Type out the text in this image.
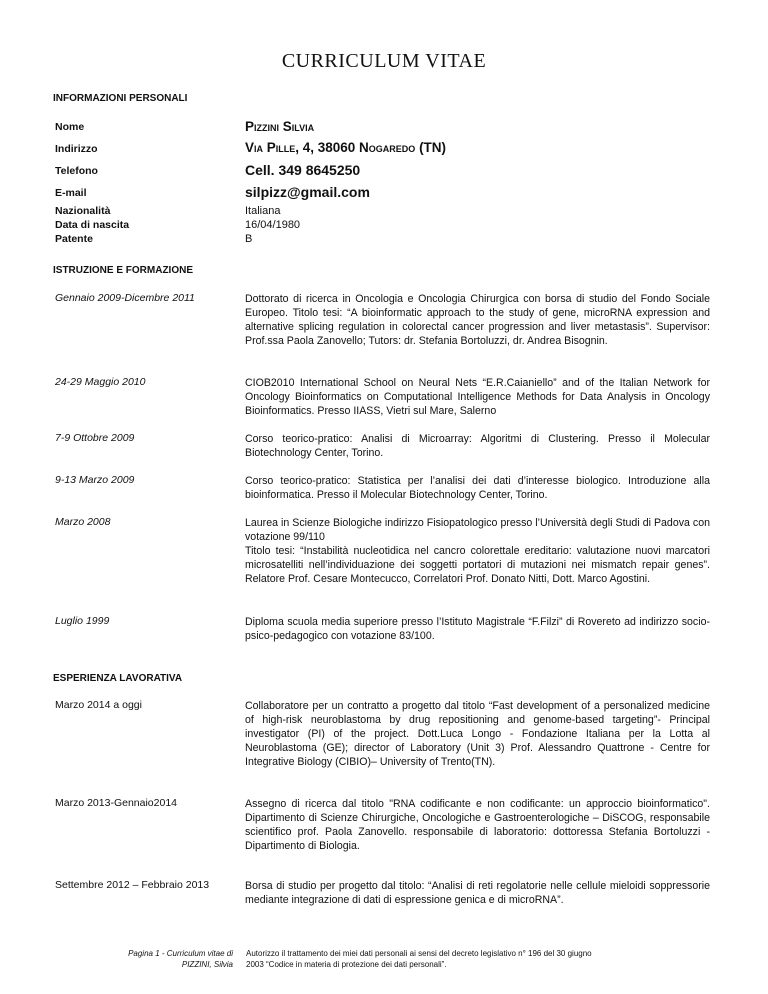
CURRICULUM VITAE
INFORMAZIONI PERSONALI
Nome	Pizzini Silvia
Indirizzo	Via Pille, 4, 38060 Nogaredo (TN)
Telefono	Cell. 349 8645250
E-mail	silpizz@gmail.com
Nazionalità	Italiana
Data di nascita	16/04/1980
Patente	B
ISTRUZIONE E FORMAZIONE
Gennaio 2009-Dicembre 2011	Dottorato di ricerca in Oncologia e Oncologia Chirurgica con borsa di studio del Fondo Sociale Europeo. Titolo tesi: “A bioinformatic approach to the study of gene, microRNA expression and alternative splicing regulation in colorectal cancer progression and liver metastasis”. Supervisor: Prof.ssa Paola Zanovello; Tutors: dr. Stefania Bortoluzzi, dr. Andrea Bisognin.
24-29 Maggio 2010	CIOB2010 International School on Neural Nets “E.R.Caianiello” and of the Italian Network for Oncology Bioinformatics on Computational Intelligence Methods for Data Analysis in Oncology Bioinformatics. Presso IIASS, Vietri sul Mare, Salerno
7-9 Ottobre 2009	Corso teorico-pratico: Analisi di Microarray: Algoritmi di Clustering. Presso il Molecular Biotechnology Center, Torino.
9-13 Marzo 2009	Corso teorico-pratico: Statistica per l’analisi dei dati d’interesse biologico. Introduzione alla bioinformatica. Presso il Molecular Biotechnology Center, Torino.
Marzo 2008	Laurea in Scienze Biologiche indirizzo Fisiopatologico presso l’Università degli Studi di Padova con votazione 99/110
Titolo tesi: “Instabilità nucleotidica nel cancro colorettale ereditario: valutazione nuovi marcatori microsatelliti nell’individuazione dei soggetti portatori di mutazioni nei mismatch repair genes”. Relatore Prof. Cesare Montecucco, Correlatori Prof. Donato Nitti, Dott. Marco Agostini.
Luglio 1999	Diploma scuola media superiore presso l’Istituto Magistrale “F.Filzi” di Rovereto ad indirizzo socio-psico-pedagogico con votazione 83/100.
ESPERIENZA LAVORATIVA
Marzo 2014 a oggi	Collaboratore per un contratto a progetto dal titolo “Fast development of a personalized medicine of high-risk neuroblastoma by drug repositioning and genome-based targeting”- Principal investigator (PI) of the project. Dott.Luca Longo - Fondazione Italiana per la Lotta al Neuroblastoma (GE); director of Laboratory (Unit 3) Prof. Alessandro Quattrone - Centre for Integrative Biology (CIBIO)– University of Trento(TN).
Marzo 2013-Gennaio2014	Assegno di ricerca dal titolo "RNA codificante e non codificante: un approccio bioinformatico". Dipartimento di Scienze Chirurgiche, Oncologiche e Gastroenterologiche – DiSCOG, responsabile scientifico prof. Paola Zanovello. responsabile di laboratorio: dottoressa Stefania Bortoluzzi - Dipartimento di Biologia.
Settembre 2012 – Febbraio 2013	Borsa di studio per progetto dal titolo: “Analisi di reti regolatorie nelle cellule mieloidi soppressorie mediante integrazione di dati di espressione genica e di microRNA”.
Pagina 1 - Curriculum vitae di
PIZZINI, Silvia
Autorizzo il trattamento dei miei dati personali ai sensi del decreto legislativo n° 196 del 30 giugno
2003 “Codice in materia di protezione dei dati personali”.
